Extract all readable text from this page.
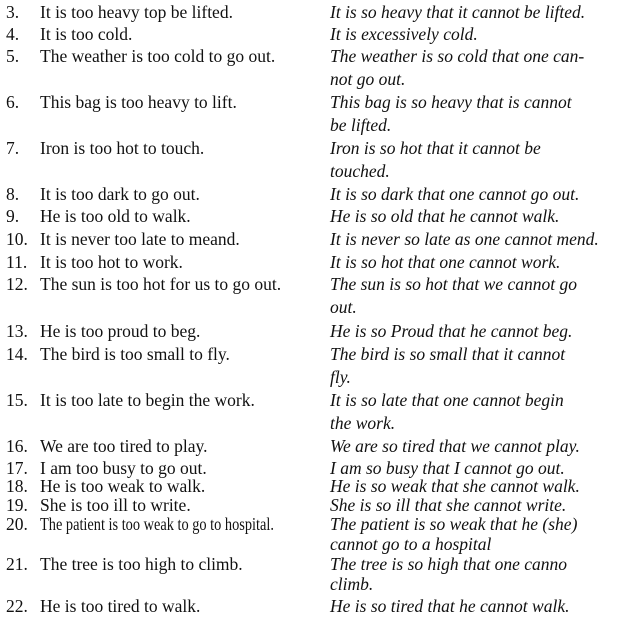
3. It is too heavy top be lifted.	It is so heavy that it cannot be lifted.
4. It is too cold.	It is excessively cold.
5. The weather is too cold to go out.	The weather is so cold that one can-
not go out.
6. This bag is too heavy to lift.	This bag is so heavy that is cannot
be lifted.
7. Iron is too hot to touch.	Iron is so hot that it cannot be
touched.
8. It is too dark to go out.	It is so dark that one cannot go out.
9. He is too old to walk.	He is so old that he cannot walk.
10. It is never too late to meand.	It is never so late as one cannot mend.
11. It is too hot to work.	It is so hot that one cannot work.
12. The sun is too hot for us to go out.	The sun is so hot that we cannot go
out.
13. He is too proud to beg.	He is so Proud that he cannot beg.
14. The bird is too small to fly.	The bird is so small that it cannot
fly.
15. It is too late to begin the work.	It is so late that one cannot begin
the work.
16. We are too tired to play.	We are so tired that we cannot play.
17. I am too busy to go out.	I am so busy that I cannot go out.
18. He is too weak to walk.	He is so weak that she cannot walk.
19. She is too ill to write.	She is so ill that she cannot write.
20. The patient is too weak to go to hospital.	The patient is so weak that he (she)
cannot go to a hospital
21. The tree is too high to climb.	The tree is so high that one canno
climb.
22. He is too tired to walk.	He is so tired that he cannot walk.
